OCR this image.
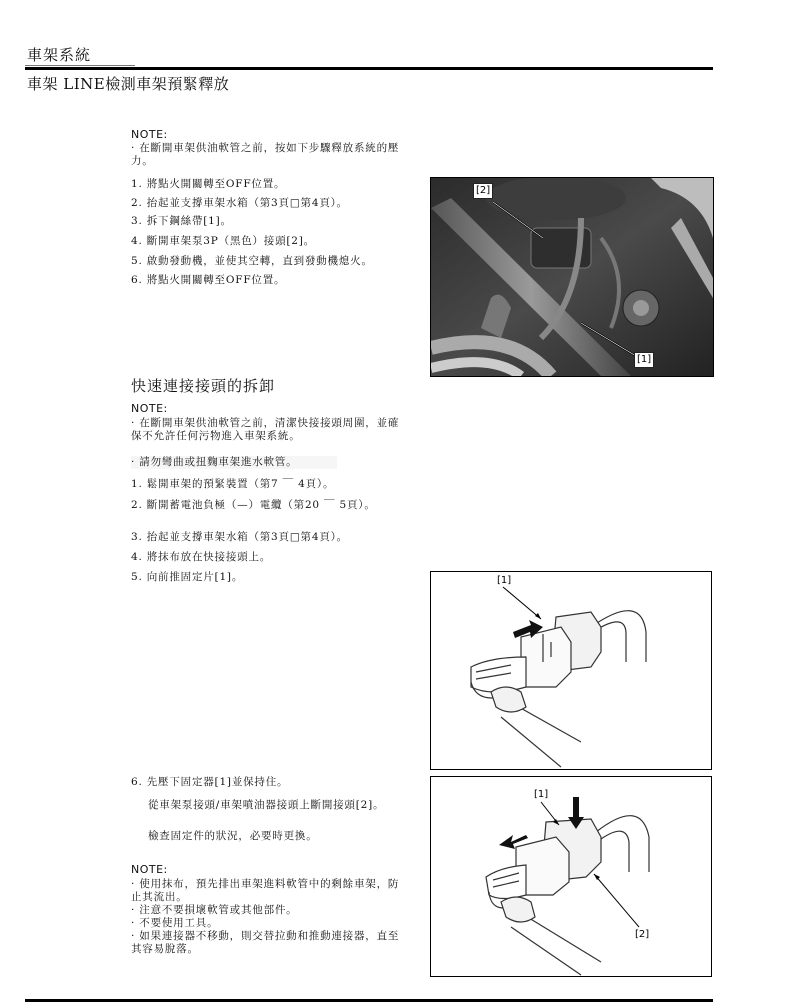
車架系統
車架 LINE檢測車架預緊釋放
NOTE:
· 在斷開車架供油軟管之前，按如下步驟釋放系統的壓
力。
1. 將點火開關轉至OFF位置。
2. 抬起並支撐車架水箱（第3頁□第4頁）。
3. 拆下鋼絲帶[1]。
4. 斷開車架泵3P（黑色）接頭[2]。
5. 啟動發動機，並使其空轉，直到發動機熄火。
6. 將點火開關轉至OFF位置。
[2]
[1]
快速連接接頭的拆卸
NOTE:
· 在斷開車架供油軟管之前，清潔快接接頭周圍，並確
保不允許任何污物進入車架系統。
· 請勿彎曲或扭麴車架進水軟管。
1. 鬆開車架的預緊裝置（第7 ￣ 4頁）。
2. 斷開蓄電池負極（—）電纜（第20 ￣ 5頁）。
3. 抬起並支撐車架水箱（第3頁□第4頁）。
4. 將抹布放在快接接頭上。
5. 向前推固定片[1]。	[1]
6. 先壓下固定器[1]並保持住。
從車架泵接頭/車架噴油器接頭上斷開接頭[2]。
檢查固定件的狀況，必要時更換。
NOTE:
· 使用抹布，預先排出車架進料軟管中的剩餘車架，防
止其流出。
· 注意不要損壞軟管或其他部件。
· 不要使用工具。
· 如果連接器不移動，則交替拉動和推動連接器，直至
其容易脫落。
[1]
[2]
